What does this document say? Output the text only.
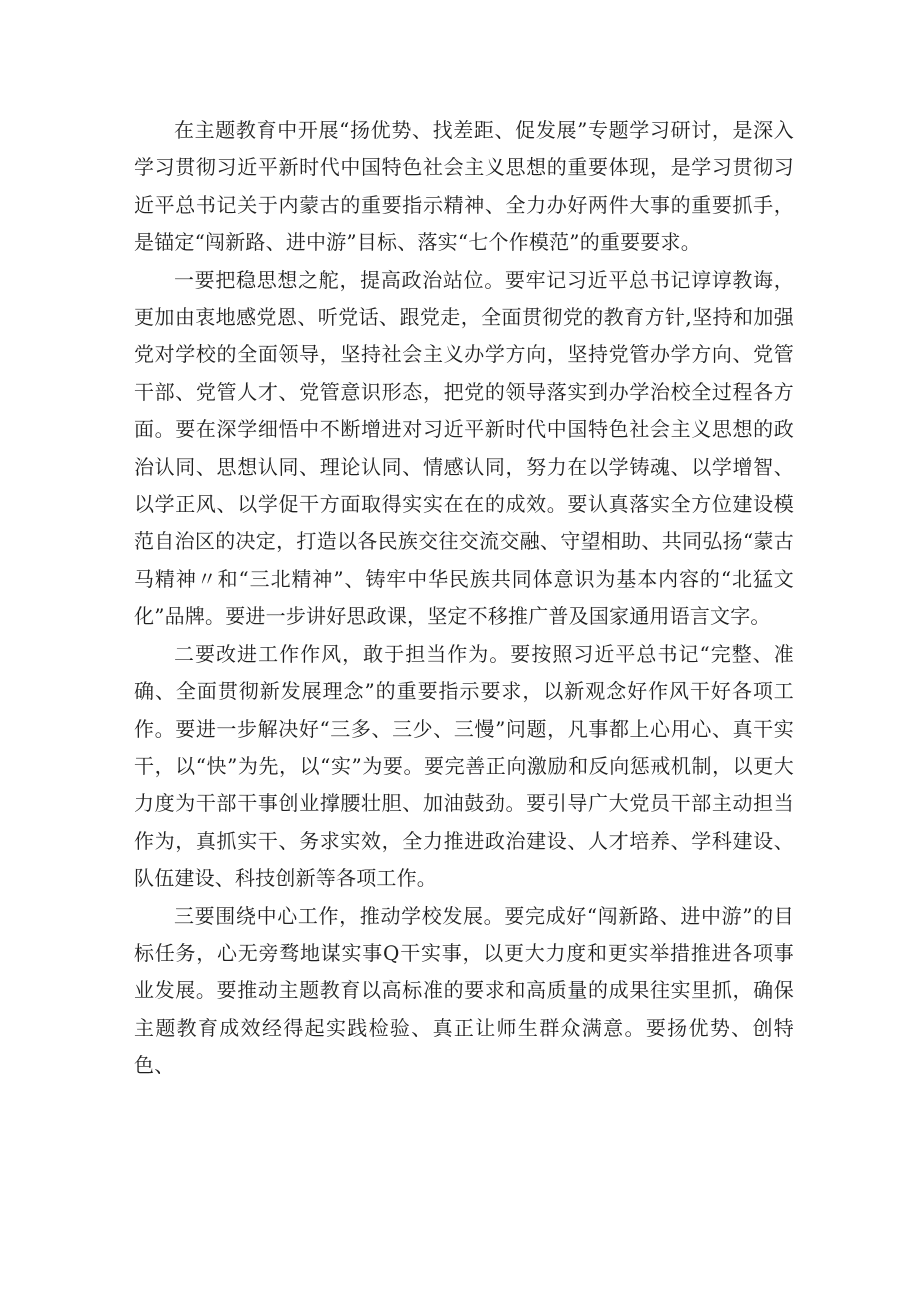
在主题教育中开展“扬优势、找差距、促发展”专题学习研讨，是深入学习贯彻习近平新时代中国特色社会主义思想的重要体现，是学习贯彻习近平总书记关于内蒙古的重要指示精神、全力办好两件大事的重要抓手，是锚定“闯新路、进中游”目标、落实“七个作模范”的重要要求。

一要把稳思想之舵，提高政治站位。要牢记习近平总书记谆谆教诲，更加由衷地感党恩、听党话、跟党走，全面贯彻党的教育方针,坚持和加强党对学校的全面领导，坚持社会主义办学方向，坚持党管办学方向、党管干部、党管人才、党管意识形态，把党的领导落实到办学治校全过程各方面。要在深学细悟中不断增进对习近平新时代中国特色社会主义思想的政治认同、思想认同、理论认同、情感认同，努力在以学铸魂、以学增智、以学正风、以学促干方面取得实实在在的成效。要认真落实全方位建设模范自治区的决定，打造以各民族交往交流交融、守望相助、共同弘扬“蒙古马精神〃和“三北精神”、铸牢中华民族共同体意识为基本内容的“北猛文化”品牌。要进一步讲好思政课，坚定不移推广普及国家通用语言文字。

二要改进工作作风，敢于担当作为。要按照习近平总书记“完整、准确、全面贯彻新发展理念”的重要指示要求，以新观念好作风干好各项工作。要进一步解决好“三多、三少、三慢”问题，凡事都上心用心、真干实干，以“快”为先，以“实”为要。要完善正向激励和反向惩戒机制，以更大力度为干部干事创业撑腰壮胆、加油鼓劲。要引导广大党员干部主动担当作为，真抓实干、务求实效，全力推进政治建设、人才培养、学科建设、队伍建设、科技创新等各项工作。

三要围绕中心工作，推动学校发展。要完成好“闯新路、进中游”的目标任务，心无旁骛地谋实事Q干实事，以更大力度和更实举措推进各项事业发展。要推动主题教育以高标准的要求和高质量的成果往实里抓，确保主题教育成效经得起实践检验、真正让师生群众满意。要扬优势、创特色、
